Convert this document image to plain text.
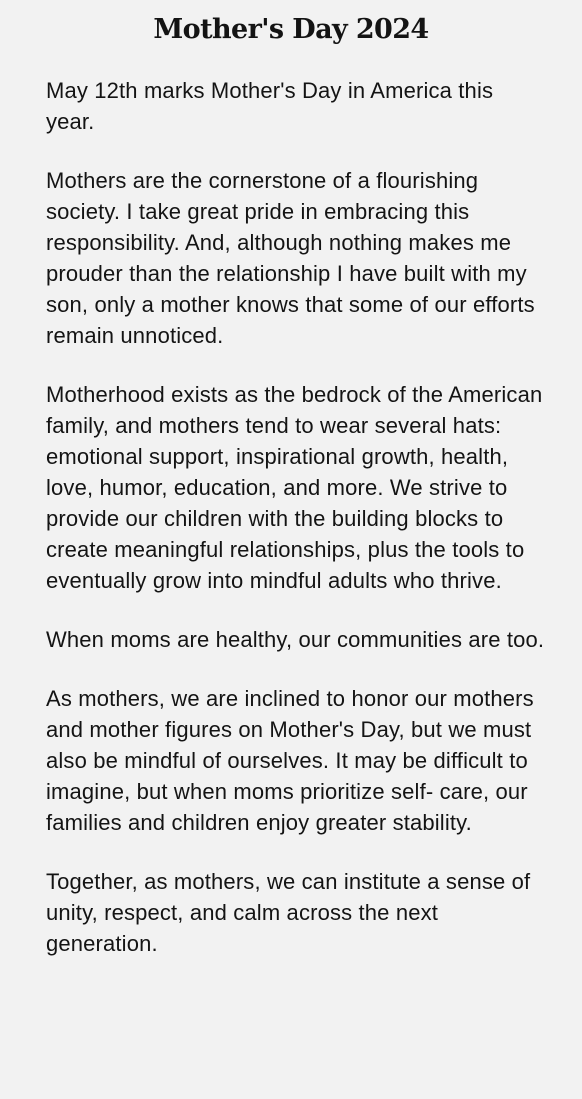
Mother's Day 2024

May 12th marks Mother's Day in America this year.

Mothers are the cornerstone of a flourishing society. I take great pride in embracing this responsibility. And, although nothing makes me prouder than the relationship I have built with my son, only a mother knows that some of our efforts remain unnoticed.

Motherhood exists as the bedrock of the American family, and mothers tend to wear several hats: emotional support, inspirational growth, health, love, humor, education, and more. We strive to provide our children with the building blocks to create meaningful relationships, plus the tools to eventually grow into mindful adults who thrive.

When moms are healthy, our communities are too.

As mothers, we are inclined to honor our mothers and mother figures on Mother's Day, but we must also be mindful of ourselves. It may be difficult to imagine, but when moms prioritize self- care, our families and children enjoy greater stability.

Together, as mothers, we can institute a sense of unity, respect, and calm across the next generation.
